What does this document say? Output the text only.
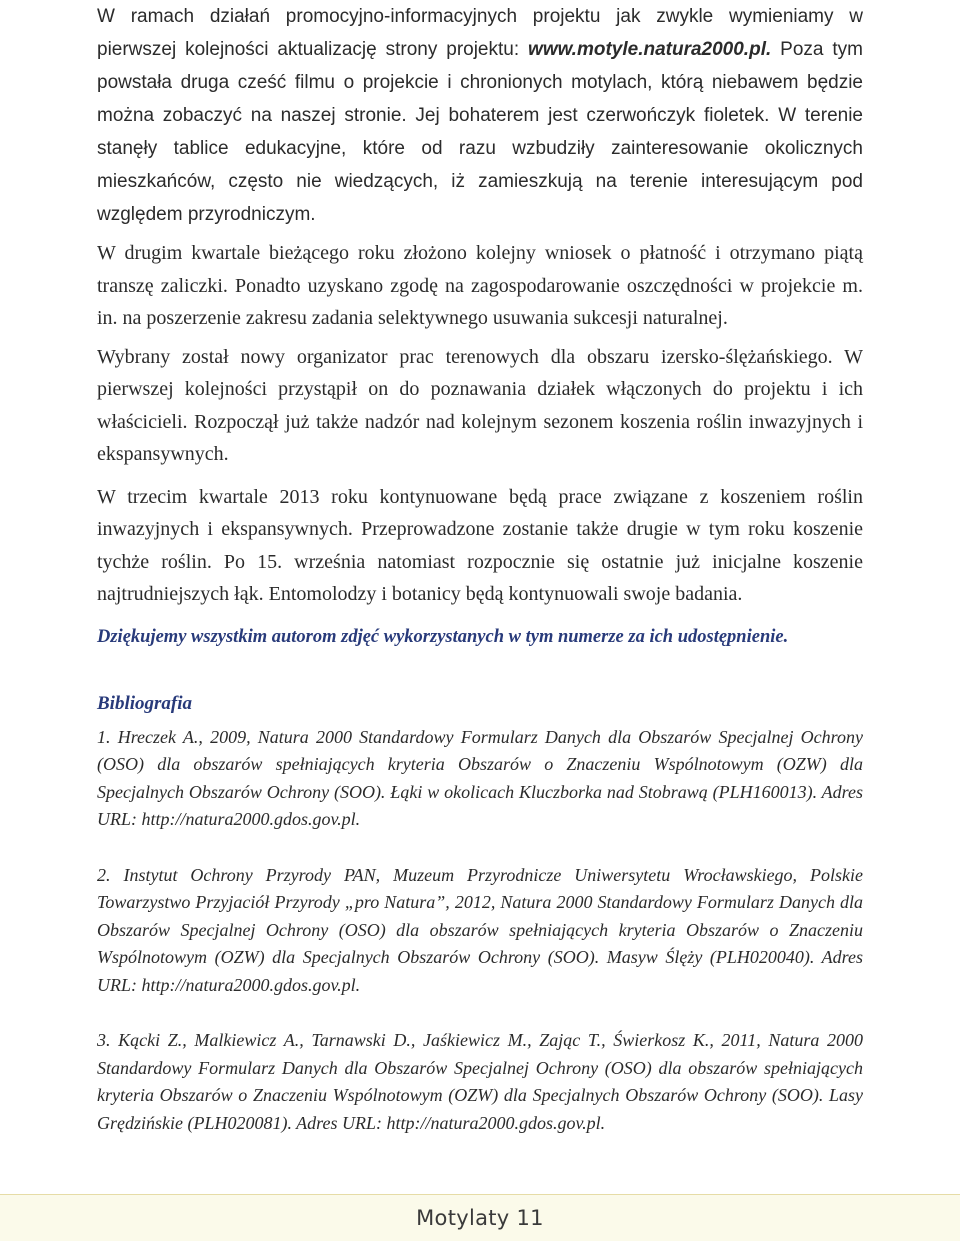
W ramach działań promocyjno-informacyjnych projektu jak zwykle wymieniamy w pierwszej kolejności aktualizację strony projektu: www.motyle.natura2000.pl. Poza tym powstała druga cześć filmu o projekcie i chronionych motylach, którą niebawem będzie można zobaczyć na naszej stronie. Jej bohaterem jest czerwończyk fioletek. W terenie stanęły tablice edukacyjne, które od razu wzbudziły zainteresowanie okolicznych mieszkańców, często nie wiedzących, iż zamieszkują na terenie interesującym pod względem przyrodniczym.

W drugim kwartale bieżącego roku złożono kolejny wniosek o płatność i otrzymano piątą transzę zaliczki. Ponadto uzyskano zgodę na zagospodarowanie oszczędności w projekcie m. in. na poszerzenie zakresu zadania selektywnego usuwania sukcesji naturalnej.

Wybrany został nowy organizator prac terenowych dla obszaru izersko-ślężańskiego. W pierwszej kolejności przystąpił on do poznawania działek włączonych do projektu i ich właścicieli. Rozpoczął już także nadzór nad kolejnym sezonem koszenia roślin inwazyjnych i ekspansywnych.

W trzecim kwartale 2013 roku kontynuowane będą prace związane z koszeniem roślin inwazyjnych i ekspansywnych. Przeprowadzone zostanie także drugie w tym roku koszenie tychże roślin. Po 15. września natomiast rozpocznie się ostatnie już inicjalne koszenie najtrudniejszych łąk. Entomolodzy i botanicy będą kontynuowali swoje badania.

Dziękujemy wszystkim autorom zdjęć wykorzystanych w tym numerze za ich udostępnienie.

Bibliografia

1. Hreczek A., 2009, Natura 2000 Standardowy Formularz Danych dla Obszarów Specjalnej Ochrony (OSO) dla obszarów spełniających kryteria Obszarów o Znaczeniu Wspólnotowym (OZW) dla Specjalnych Obszarów Ochrony (SOO). Łąki w okolicach Kluczborka nad Stobrawą (PLH160013). Adres URL: http://natura2000.gdos.gov.pl.

2. Instytut Ochrony Przyrody PAN, Muzeum Przyrodnicze Uniwersytetu Wrocławskiego, Polskie Towarzystwo Przyjaciół Przyrody „pro Natura”, 2012, Natura 2000 Standardowy Formularz Danych dla Obszarów Specjalnej Ochrony (OSO) dla obszarów spełniających kryteria Obszarów o Znaczeniu Wspólnotowym (OZW) dla Specjalnych Obszarów Ochrony (SOO). Masyw Ślęży (PLH020040). Adres URL: http://natura2000.gdos.gov.pl.

3. Kącki Z., Malkiewicz A., Tarnawski D., Jaśkiewicz M., Zając T., Świerkosz K., 2011, Natura 2000 Standardowy Formularz Danych dla Obszarów Specjalnej Ochrony (OSO) dla obszarów spełniających kryteria Obszarów o Znaczeniu Wspólnotowym (OZW) dla Specjalnych Obszarów Ochrony (SOO). Lasy Grędzińskie (PLH020081). Adres URL: http://natura2000.gdos.gov.pl.

Motylaty 11
